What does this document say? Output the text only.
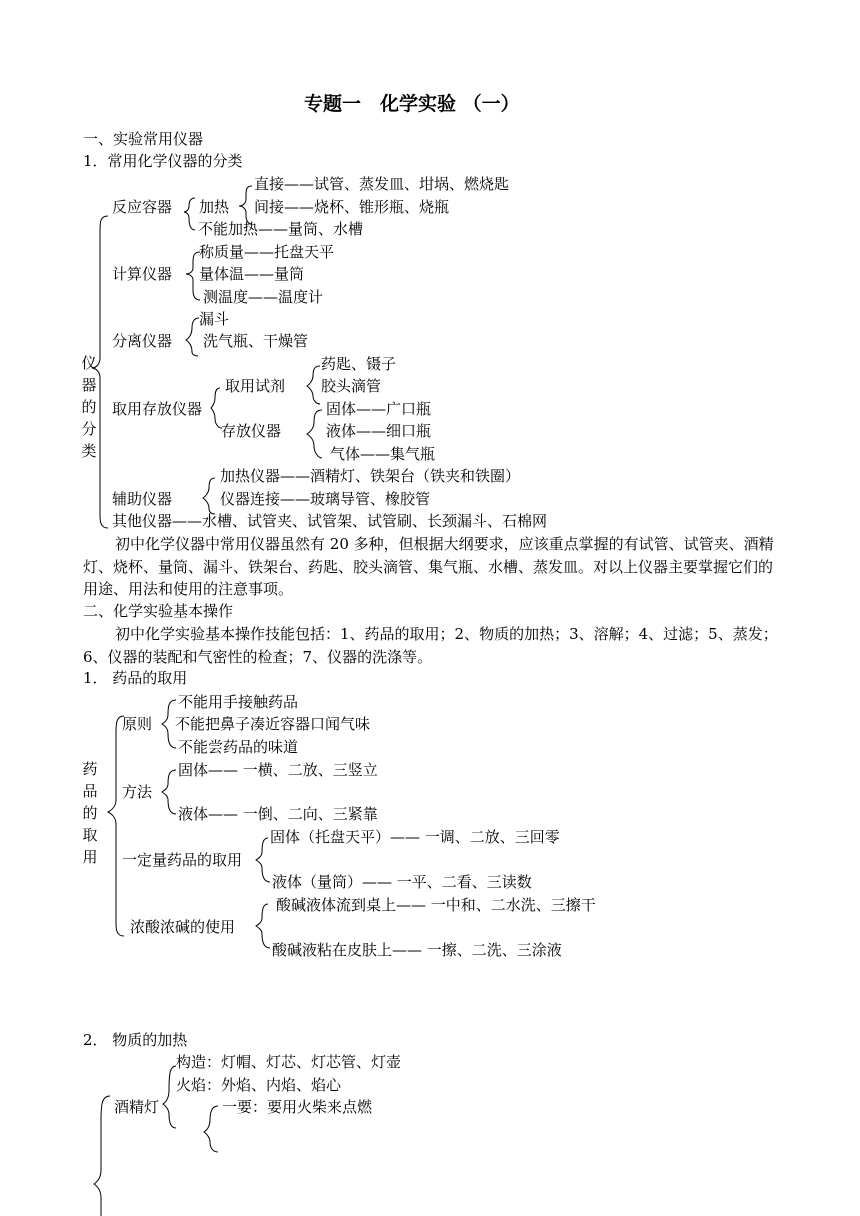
专题一　化学实验 （一）
一、实验常用仪器
1．常用化学仪器的分类
仪器的分类
反应容器 加热
直接——试管、蒸发皿、坩埚、燃烧匙
间接——烧杯、锥形瓶、烧瓶
不能加热——量筒、水槽
计算仪器
称质量——托盘天平
量体温——量筒
测温度——温度计
分离仪器
漏斗
洗气瓶、干燥管
取用存放仪器
取用试剂
药匙、镊子
胶头滴管
存放仪器
固体——广口瓶
液体——细口瓶
气体——集气瓶
辅助仪器
加热仪器——酒精灯、铁架台（铁夹和铁圈）
仪器连接——玻璃导管、橡胶管
其他仪器——水槽、试管夹、试管架、试管刷、长颈漏斗、石棉网
初中化学仪器中常用仪器虽然有 20 多种，但根据大纲要求，应该重点掌握的有试管、试管夹、酒精灯、烧杯、量筒、漏斗、铁架台、药匙、胶头滴管、集气瓶、水槽、蒸发皿。对以上仪器主要掌握它们的用途、用法和使用的注意事项。
二、化学实验基本操作
初中化学实验基本操作技能包括：1、药品的取用；2、物质的加热；3、溶解；4、过滤；5、蒸发；6、仪器的装配和气密性的检查；7、仪器的洗涤等。
1． 药品的取用
药品的取用
原则
不能用手接触药品
不能把鼻子凑近容器口闻气味
不能尝药品的味道
方法
固体—— 一横、二放、三竖立
液体—— 一倒、二向、三紧靠
一定量药品的取用
固体（托盘天平）—— 一调、二放、三回零
液体（量筒）—— 一平、二看、三读数
浓酸浓碱的使用
酸碱液体流到桌上—— 一中和、二水洗、三擦干
酸碱液粘在皮肤上—— 一擦、二洗、三涂液
2． 物质的加热
酒精灯
构造：灯帽、灯芯、灯芯管、灯壶
火焰：外焰、内焰、焰心
一要：要用火柴来点燃
